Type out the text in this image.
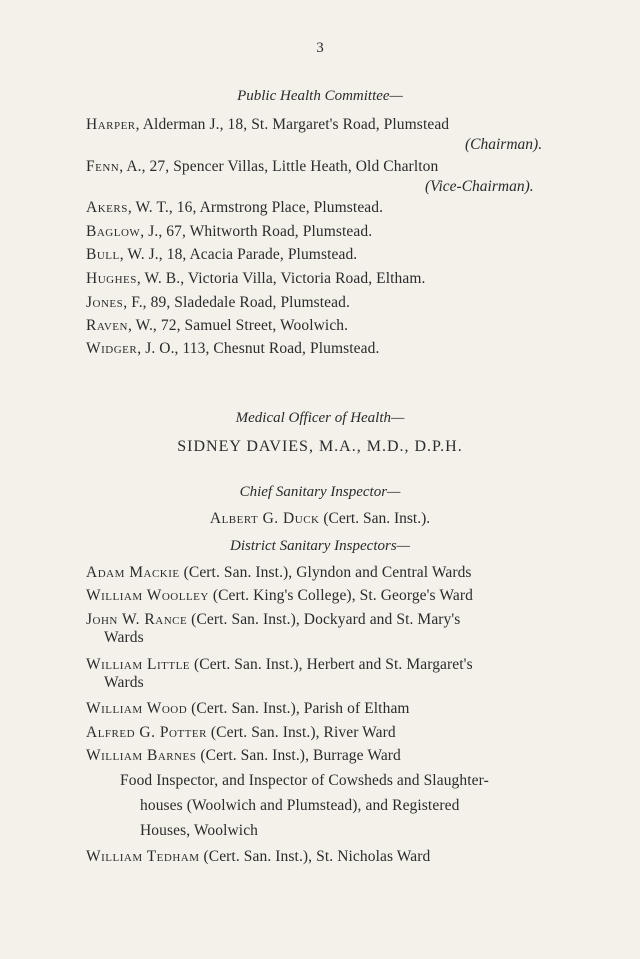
3
Public Health Committee—
Harper, Alderman J., 18, St. Margaret's Road, Plumstead
(Chairman).
Fenn, A., 27, Spencer Villas, Little Heath, Old Charlton
(Vice-Chairman).
Akers, W. T., 16, Armstrong Place, Plumstead.
Baglow, J., 67, Whitworth Road, Plumstead.
Bull, W. J., 18, Acacia Parade, Plumstead.
Hughes, W. B., Victoria Villa, Victoria Road, Eltham.
Jones, F., 89, Sladedale Road, Plumstead.
Raven, W., 72, Samuel Street, Woolwich.
Widger, J. O., 113, Chesnut Road, Plumstead.
Medical Officer of Health—
SIDNEY DAVIES, M.A., M.D., D.P.H.
Chief Sanitary Inspector—
Albert G. Duck (Cert. San. Inst.).
District Sanitary Inspectors—
Adam Mackie (Cert. San. Inst.), Glyndon and Central Wards
William Woolley (Cert. King's College), St. George's Ward
John W. Rance (Cert. San. Inst.), Dockyard and St. Mary's
Wards
William Little (Cert. San. Inst.), Herbert and St. Margaret's
Wards
William Wood (Cert. San. Inst.), Parish of Eltham
Alfred G. Potter (Cert. San. Inst.), River Ward
William Barnes (Cert. San. Inst.), Burrage Ward
Food Inspector, and Inspector of Cowsheds and Slaughter-
houses (Woolwich and Plumstead), and Registered
Houses, Woolwich
William Tedham (Cert. San. Inst.), St. Nicholas Ward
